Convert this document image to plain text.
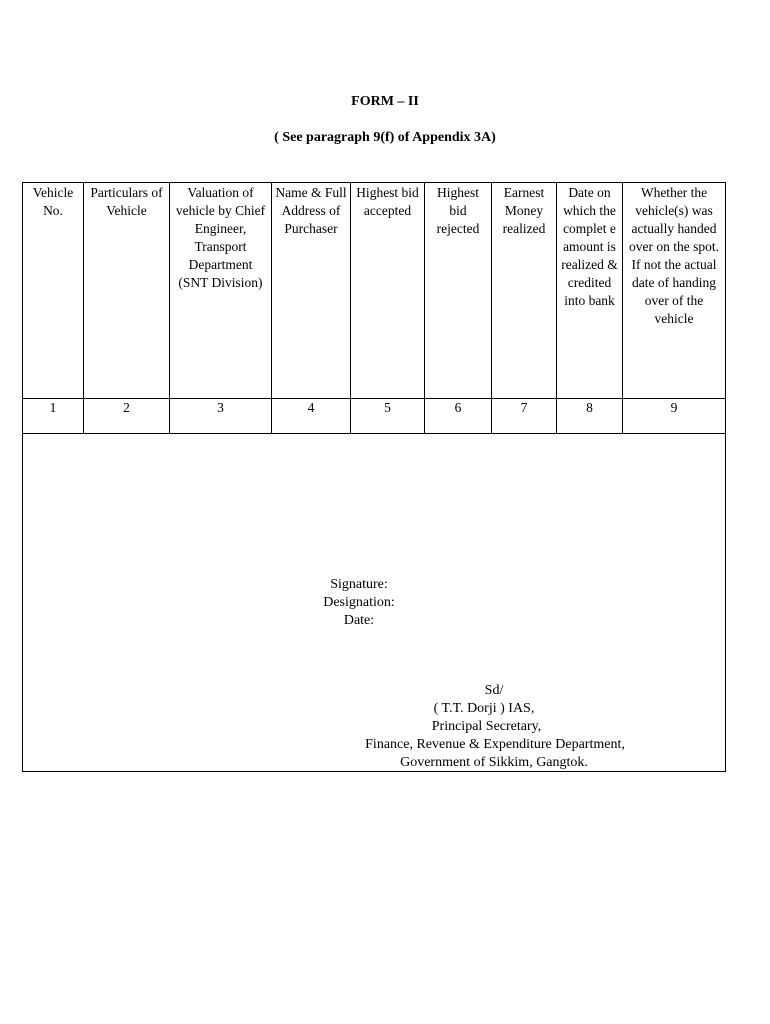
FORM – II
( See paragraph 9(f) of Appendix 3A)
Vehicle No.	Particulars of Vehicle	Valuation of vehicle by Chief Engineer, Transport Department (SNT Division)	Name & Full Address of Purchaser	Highest bid accepted	Highest bid rejected	Earnest Money realized	Date on which the complet e amount is realized & credited into bank	Whether the vehicle(s) was actually handed over on the spot. If not the actual date of handing over of the vehicle
1	2	3	4	5	6	7	8	9
Signature:
Designation:
Date:
Sd/
( T.T. Dorji ) IAS,
Principal Secretary,
Finance, Revenue & Expenditure Department,
Government of Sikkim, Gangtok.
